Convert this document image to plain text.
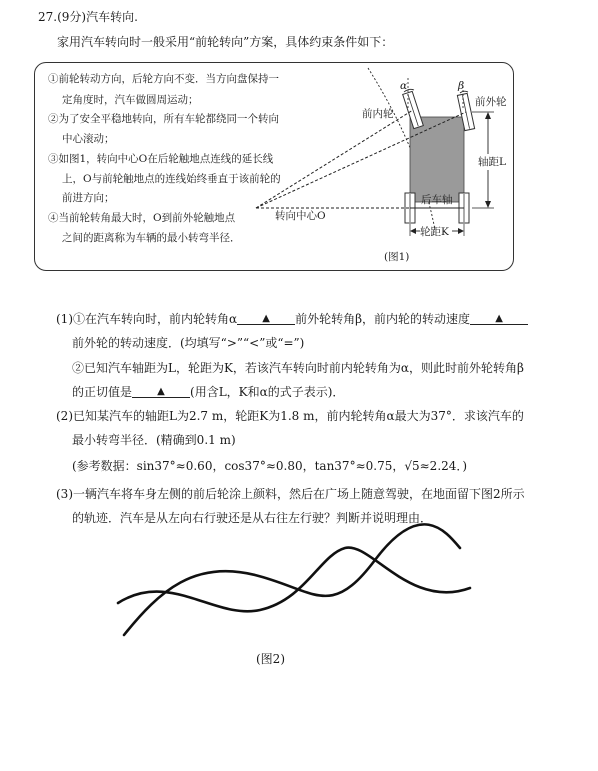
27.(9分)汽车转向.
家用汽车转向时一般采用“前轮转向”方案，具体约束条件如下：
①前轮转动方向，后轮方向不变．当方向盘保持一
定角度时，汽车做圆周运动；
②为了安全平稳地转向，所有车轮都绕同一个转向
中心滚动；
③如图1，转向中心O在后轮触地点连线的延长线
上，O与前轮触地点的连线始终垂直于该前轮的
前进方向；
④当前轮转角最大时，O到前外轮触地点
之间的距离称为车辆的最小转弯半径．
α	β
前内轮
前外轮
轴距L
后车轴
转向中心O
轮距K
(图1)
(1)①在汽车转向时，前内轮转角α	▲ 前外轮转角β，前内轮的转动速度	▲
前外轮的转动速度．(均填写“>”“<”或“=”)
②已知汽车轴距为L，轮距为K，若该汽车转向时前内轮转角为α，则此时前外轮转角β
的正切值是	▲ (用含L，K和α的式子表示)．
(2)已知某汽车的轴距L为2.7 m，轮距K为1.8 m，前内轮转角α最大为37°．求该汽车的
最小转弯半径．(精确到0.1 m)
(参考数据：sin37°≈0.60，cos37°≈0.80，tan37°≈0.75，√5≈2.24．)
(3)一辆汽车将车身左侧的前后轮涂上颜料，然后在广场上随意驾驶，在地面留下图2所示
的轨迹．汽车是从左向右行驶还是从右往左行驶？判断并说明理由．
(图2)
